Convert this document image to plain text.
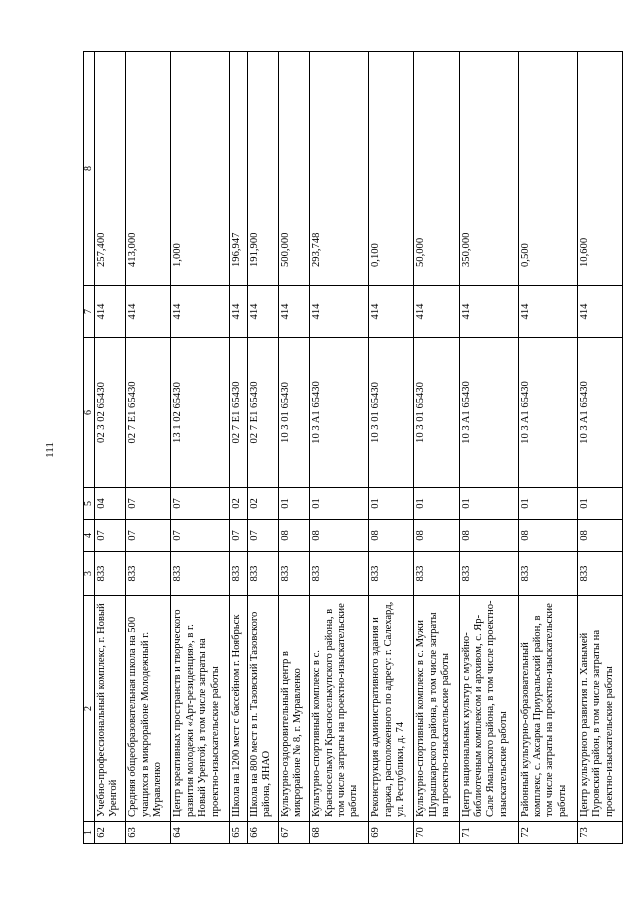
111
1	2	3	4	5	6	7	8
62	Учебно-профессиональный комплекс, г. Новый Уренгой	833	07	04	02 3 02 65430	414	257,400
63	Средняя общеобразовательная школа на 500 учащихся в микрорайоне Молодежный г. Муравленко	833	07	07	02 7 E1 65430	414	413,000
64	Центр креативных пространств и творческого развития молодежи «Арт-резиденция», в г. Новый Уренгой, в том числе затраты на проектно-изыскательские работы	833	07	07	13 1 02 65430	414	1,000
65	Школа на 1200 мест с бассейном г. Ноябрьск	833	07	02	02 7 E1 65430	414	196,947
66	Школа на 800 мест в п. Тазовский Тазовского района, ЯНАО	833	07	02	02 7 E1 65430	414	191,900
67	Культурно-оздоровительный центр в микрорайоне № 8, г. Муравленко	833	08	01	10 3 01 65430	414	500,000
68	Культурно-спортивный комплекс в с. Красноселькуп Красноселькупского района, в том числе затраты на проектно-изыскательские работы	833	08	01	10 3 A1 65430	414	293,748
69	Реконструкция административного здания и гаража, расположенного по адресу: г. Салехард, ул. Республики, д. 74	833	08	01	10 3 01 65430	414	0,100
70	Культурно-спортивный комплекс в с. Мужи Шурышкарского района, в том числе затраты на проектно-изыскательские работы	833	08	01	10 3 01 65430	414	50,000
71	Центр национальных культур с музейно-библиотечным комплексом и архивом, с. Яр-Сале Ямальского района, в том числе проектно-изыскательские работы	833	08	01	10 3 A1 65430	414	350,000
72	Районный культурно-образовательный комплекс, с. Аксарка Приуральский район, в том числе затраты на проектно-изыскательские работы	833	08	01	10 3 A1 65430	414	0,500
73	Центр культурного развития п. Ханымей Пуровский район, в том числе затраты на проектно-изыскательские работы	833	08	01	10 3 A1 65430	414	10,600
